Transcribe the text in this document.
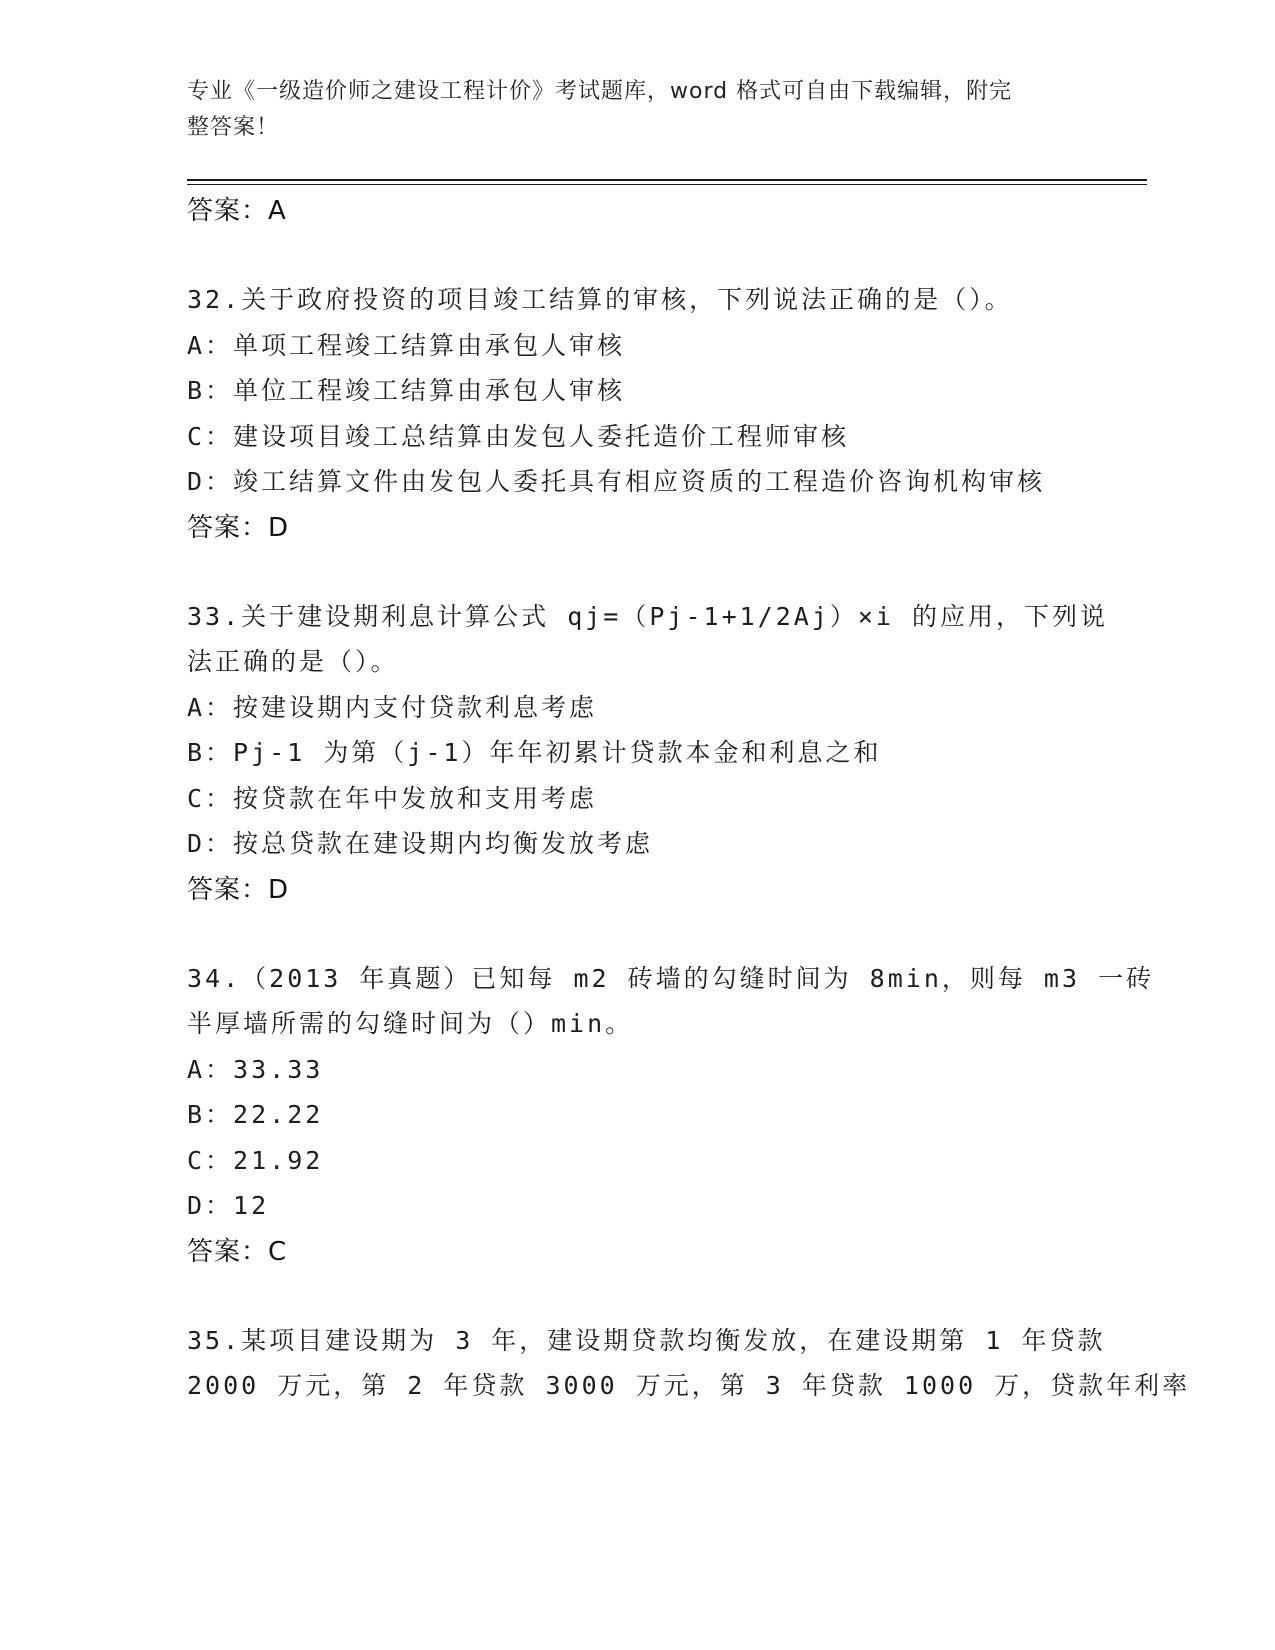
专业《一级造价师之建设工程计价》考试题库，word 格式可自由下载编辑，附完
整答案！
答案：A
32.关于政府投资的项目竣工结算的审核，下列说法正确的是（）。
A：单项工程竣工结算由承包人审核
B：单位工程竣工结算由承包人审核
C：建设项目竣工总结算由发包人委托造价工程师审核
D：竣工结算文件由发包人委托具有相应资质的工程造价咨询机构审核
答案：D
33.关于建设期利息计算公式 qj=（Pj-1+1/2Aj）×i 的应用，下列说
法正确的是（）。
A：按建设期内支付贷款利息考虑
B：Pj-1 为第（j-1）年年初累计贷款本金和利息之和
C：按贷款在年中发放和支用考虑
D：按总贷款在建设期内均衡发放考虑
答案：D
34.（2013 年真题）已知每 m2 砖墙的勾缝时间为 8min，则每 m3 一砖
半厚墙所需的勾缝时间为（）min。
A：33.33
B：22.22
C：21.92
D：12
答案：C
35.某项目建设期为 3 年，建设期贷款均衡发放，在建设期第 1 年贷款
2000 万元，第 2 年贷款 3000 万元，第 3 年贷款 1000 万，贷款年利率
